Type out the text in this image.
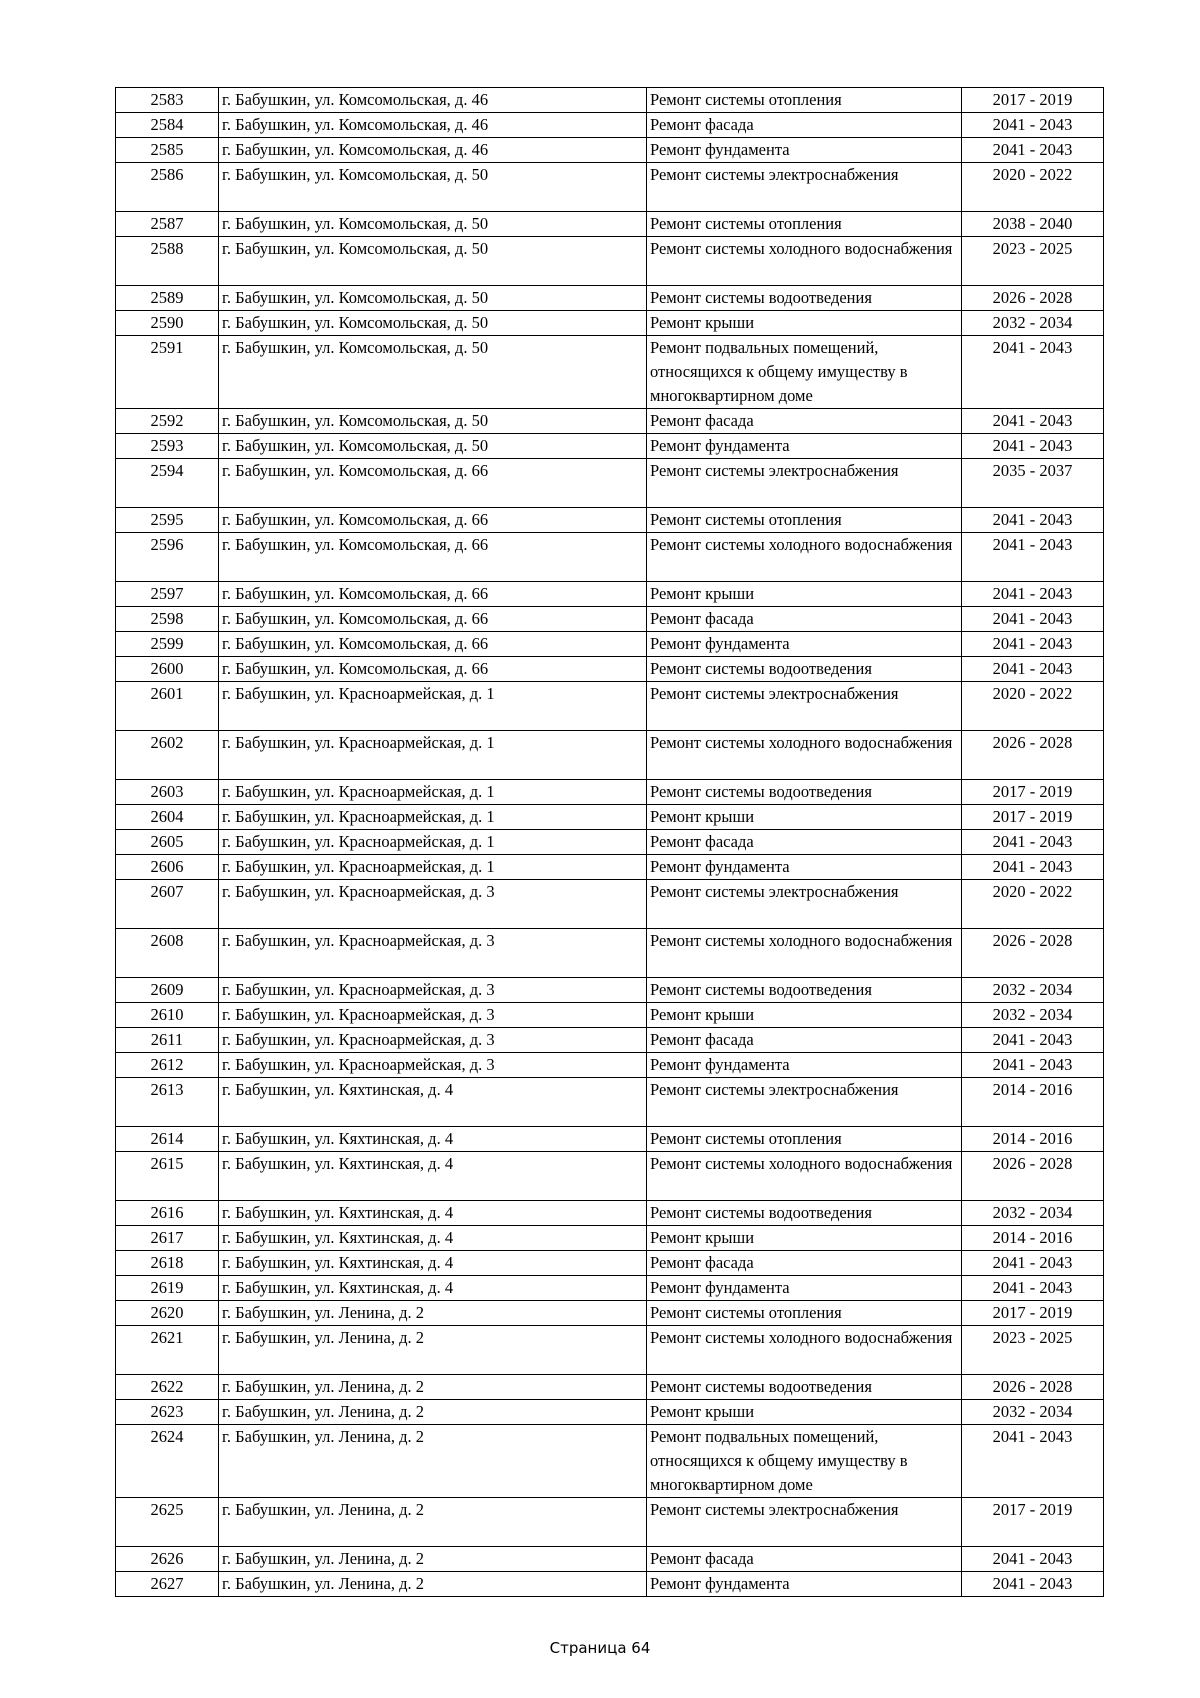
2583	г. Бабушкин, ул. Комсомольская, д. 46	Ремонт системы отопления	2017 - 2019
2584	г. Бабушкин, ул. Комсомольская, д. 46	Ремонт фасада	2041 - 2043
2585	г. Бабушкин, ул. Комсомольская, д. 46	Ремонт фундамента	2041 - 2043
2586	г. Бабушкин, ул. Комсомольская, д. 50	Ремонт системы электроснабжения	2020 - 2022
2587	г. Бабушкин, ул. Комсомольская, д. 50	Ремонт системы отопления	2038 - 2040
2588	г. Бабушкин, ул. Комсомольская, д. 50	Ремонт системы холодного водоснабжения	2023 - 2025
2589	г. Бабушкин, ул. Комсомольская, д. 50	Ремонт системы водоотведения	2026 - 2028
2590	г. Бабушкин, ул. Комсомольская, д. 50	Ремонт крыши	2032 - 2034
2591	г. Бабушкин, ул. Комсомольская, д. 50	Ремонт подвальных помещений, относящихся к общему имуществу в многоквартирном доме	2041 - 2043
2592	г. Бабушкин, ул. Комсомольская, д. 50	Ремонт фасада	2041 - 2043
2593	г. Бабушкин, ул. Комсомольская, д. 50	Ремонт фундамента	2041 - 2043
2594	г. Бабушкин, ул. Комсомольская, д. 66	Ремонт системы электроснабжения	2035 - 2037
2595	г. Бабушкин, ул. Комсомольская, д. 66	Ремонт системы отопления	2041 - 2043
2596	г. Бабушкин, ул. Комсомольская, д. 66	Ремонт системы холодного водоснабжения	2041 - 2043
2597	г. Бабушкин, ул. Комсомольская, д. 66	Ремонт крыши	2041 - 2043
2598	г. Бабушкин, ул. Комсомольская, д. 66	Ремонт фасада	2041 - 2043
2599	г. Бабушкин, ул. Комсомольская, д. 66	Ремонт фундамента	2041 - 2043
2600	г. Бабушкин, ул. Комсомольская, д. 66	Ремонт системы водоотведения	2041 - 2043
2601	г. Бабушкин, ул. Красноармейская, д. 1	Ремонт системы электроснабжения	2020 - 2022
2602	г. Бабушкин, ул. Красноармейская, д. 1	Ремонт системы холодного водоснабжения	2026 - 2028
2603	г. Бабушкин, ул. Красноармейская, д. 1	Ремонт системы водоотведения	2017 - 2019
2604	г. Бабушкин, ул. Красноармейская, д. 1	Ремонт крыши	2017 - 2019
2605	г. Бабушкин, ул. Красноармейская, д. 1	Ремонт фасада	2041 - 2043
2606	г. Бабушкин, ул. Красноармейская, д. 1	Ремонт фундамента	2041 - 2043
2607	г. Бабушкин, ул. Красноармейская, д. 3	Ремонт системы электроснабжения	2020 - 2022
2608	г. Бабушкин, ул. Красноармейская, д. 3	Ремонт системы холодного водоснабжения	2026 - 2028
2609	г. Бабушкин, ул. Красноармейская, д. 3	Ремонт системы водоотведения	2032 - 2034
2610	г. Бабушкин, ул. Красноармейская, д. 3	Ремонт крыши	2032 - 2034
2611	г. Бабушкин, ул. Красноармейская, д. 3	Ремонт фасада	2041 - 2043
2612	г. Бабушкин, ул. Красноармейская, д. 3	Ремонт фундамента	2041 - 2043
2613	г. Бабушкин, ул. Кяхтинская, д. 4	Ремонт системы электроснабжения	2014 - 2016
2614	г. Бабушкин, ул. Кяхтинская, д. 4	Ремонт системы отопления	2014 - 2016
2615	г. Бабушкин, ул. Кяхтинская, д. 4	Ремонт системы холодного водоснабжения	2026 - 2028
2616	г. Бабушкин, ул. Кяхтинская, д. 4	Ремонт системы водоотведения	2032 - 2034
2617	г. Бабушкин, ул. Кяхтинская, д. 4	Ремонт крыши	2014 - 2016
2618	г. Бабушкин, ул. Кяхтинская, д. 4	Ремонт фасада	2041 - 2043
2619	г. Бабушкин, ул. Кяхтинская, д. 4	Ремонт фундамента	2041 - 2043
2620	г. Бабушкин, ул. Ленина, д. 2	Ремонт системы отопления	2017 - 2019
2621	г. Бабушкин, ул. Ленина, д. 2	Ремонт системы холодного водоснабжения	2023 - 2025
2622	г. Бабушкин, ул. Ленина, д. 2	Ремонт системы водоотведения	2026 - 2028
2623	г. Бабушкин, ул. Ленина, д. 2	Ремонт крыши	2032 - 2034
2624	г. Бабушкин, ул. Ленина, д. 2	Ремонт подвальных помещений, относящихся к общему имуществу в многоквартирном доме	2041 - 2043
2625	г. Бабушкин, ул. Ленина, д. 2	Ремонт системы электроснабжения	2017 - 2019
2626	г. Бабушкин, ул. Ленина, д. 2	Ремонт фасада	2041 - 2043
2627	г. Бабушкин, ул. Ленина, д. 2	Ремонт фундамента	2041 - 2043
Страница 64
